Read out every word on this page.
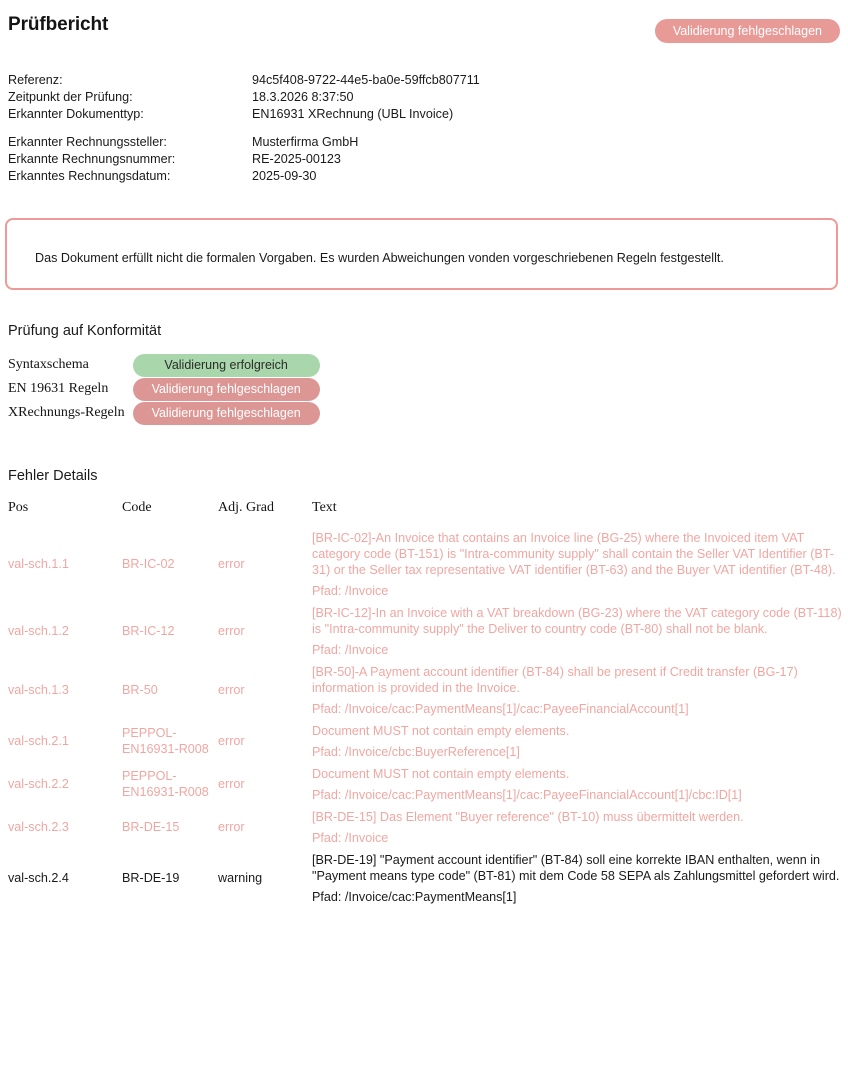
Prüfbericht	Validierung fehlgeschlagen
Referenz:	94c5f408-9722-44e5-ba0e-59ffcb807711
Zeitpunkt der Prüfung:	18.3.2026 8:37:50
Erkannter Dokumenttyp:	EN16931 XRechnung (UBL Invoice)
Erkannter Rechnungssteller:	Musterfirma GmbH
Erkannte Rechnungsnummer:	RE-2025-00123
Erkanntes Rechnungsdatum:	2025-09-30
Das Dokument erfüllt nicht die formalen Vorgaben. Es wurden Abweichungen vonden vorgeschriebenen Regeln festgestellt.
Prüfung auf Konformität
Syntaxschema	Validierung erfolgreich

EN 19631 Regeln	Validierung fehlgeschlagen

XRechnungs-Regeln	Validierung fehlgeschlagen
Fehler Details
Pos	Code	Adj. Grad	Text
val-sch.1.1	BR-IC-02	error	[BR-IC-02]-An Invoice that contains an Invoice line (BG-25) where the Invoiced item VAT category code (BT-151) is "Intra-community supply" shall contain the Seller VAT Identifier (BT-31) or the Seller tax representative VAT identifier (BT-63) and the Buyer VAT identifier (BT-48).
Pfad: /Invoice

val-sch.1.2	BR-IC-12	error	[BR-IC-12]-In an Invoice with a VAT breakdown (BG-23) where the VAT category code (BT-118) is "Intra-community supply" the Deliver to country code (BT-80) shall not be blank.
Pfad: /Invoice

val-sch.1.3	BR-50	error	[BR-50]-A Payment account identifier (BT-84) shall be present if Credit transfer (BG-17) information is provided in the Invoice.
Pfad: /Invoice/cac:PaymentMeans[1]/cac:PayeeFinancialAccount[1]

val-sch.2.1	PEPPOL-EN16931-R008	error	Document MUST not contain empty elements.
Pfad: /Invoice/cbc:BuyerReference[1]

val-sch.2.2	PEPPOL-EN16931-R008	error	Document MUST not contain empty elements.
Pfad: /Invoice/cac:PaymentMeans[1]/cac:PayeeFinancialAccount[1]/cbc:ID[1]

val-sch.2.3	BR-DE-15	error	[BR-DE-15] Das Element "Buyer reference" (BT-10) muss übermittelt werden.
Pfad: /Invoice

val-sch.2.4	BR-DE-19	warning	[BR-DE-19] "Payment account identifier" (BT-84) soll eine korrekte IBAN enthalten, wenn in "Payment means type code" (BT-81) mit dem Code 58 SEPA als Zahlungsmittel gefordert wird.
Pfad: /Invoice/cac:PaymentMeans[1]
